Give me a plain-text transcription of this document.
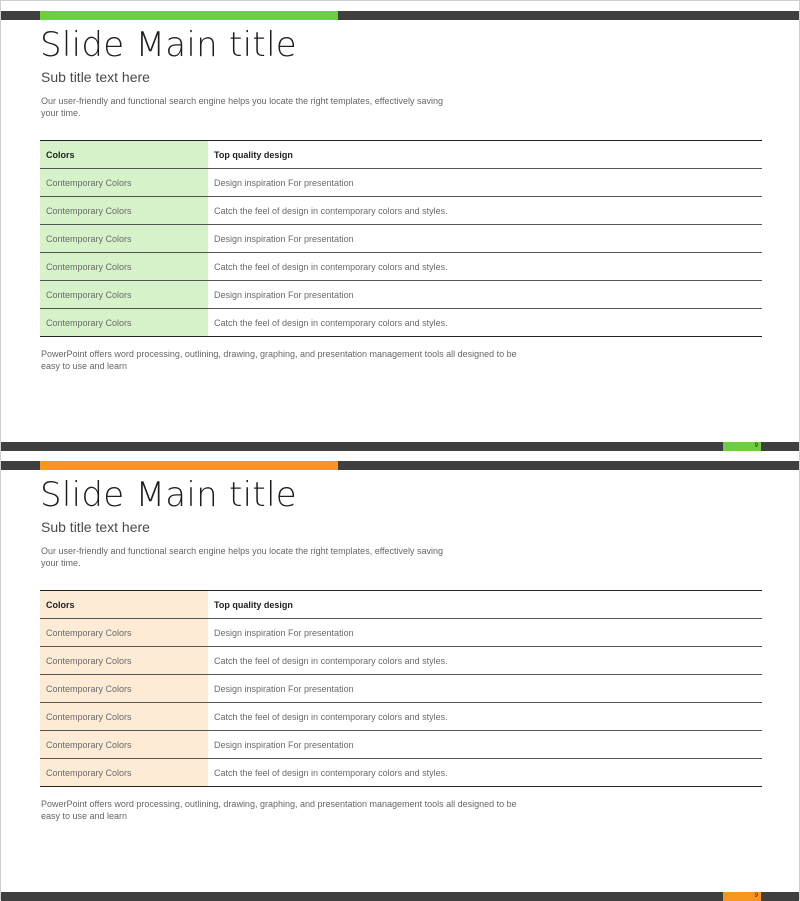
Slide Main title
Sub title text here
Our user-friendly and functional search engine helps you locate the right templates, effectively saving your time.
Colors	Top quality design
Contemporary Colors	Design inspiration For presentation
Contemporary Colors	Catch the feel of design in contemporary colors and styles.
Contemporary Colors	Design inspiration For presentation
Contemporary Colors	Catch the feel of design in contemporary colors and styles.
Contemporary Colors	Design inspiration For presentation
Contemporary Colors	Catch the feel of design in contemporary colors and styles.
PowerPoint offers word processing, outlining, drawing, graphing, and presentation management tools all designed to be easy to use and learn
9
Slide Main title
Sub title text here
Our user-friendly and functional search engine helps you locate the right templates, effectively saving your time.
Colors	Top quality design
Contemporary Colors	Design inspiration For presentation
Contemporary Colors	Catch the feel of design in contemporary colors and styles.
Contemporary Colors	Design inspiration For presentation
Contemporary Colors	Catch the feel of design in contemporary colors and styles.
Contemporary Colors	Design inspiration For presentation
Contemporary Colors	Catch the feel of design in contemporary colors and styles.
PowerPoint offers word processing, outlining, drawing, graphing, and presentation management tools all designed to be easy to use and learn
9
